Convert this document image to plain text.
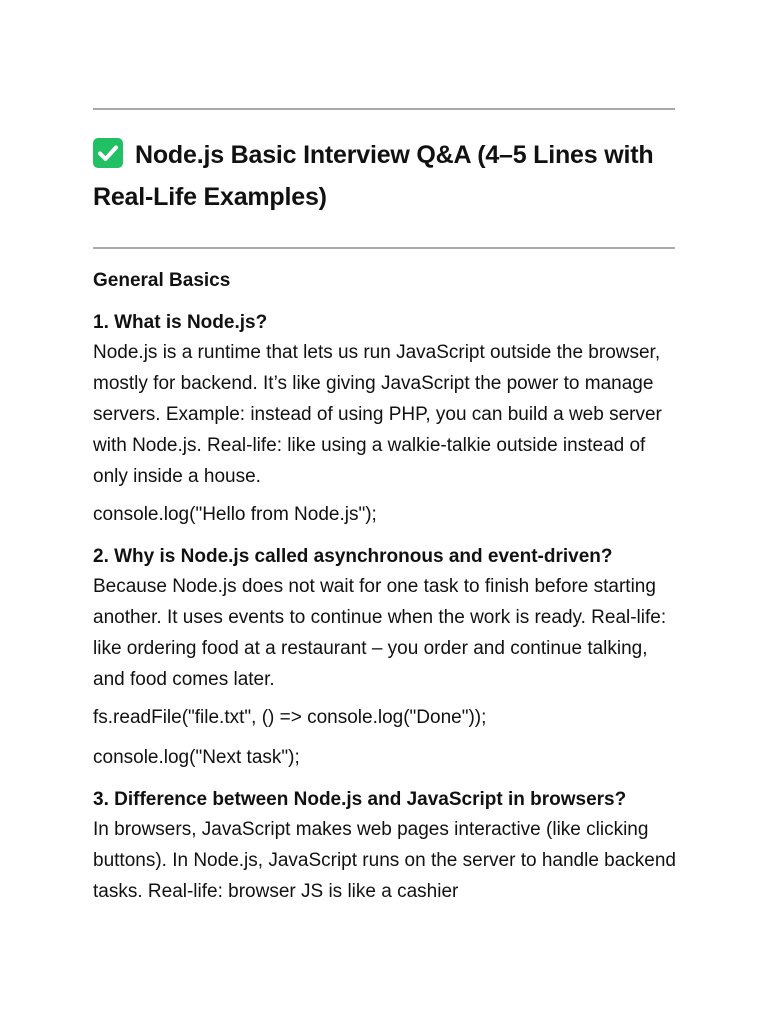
Node.js Basic Interview Q&A (4–5 Lines with Real-Life Examples)
General Basics
1. What is Node.js?
Node.js is a runtime that lets us run JavaScript outside the browser, mostly for backend. It’s like giving JavaScript the power to manage servers. Example: instead of using PHP, you can build a web server with Node.js. Real-life: like using a walkie-talkie outside instead of only inside a house.
console.log("Hello from Node.js");
2. Why is Node.js called asynchronous and event-driven?
Because Node.js does not wait for one task to finish before starting another. It uses events to continue when the work is ready. Real-life: like ordering food at a restaurant – you order and continue talking, and food comes later.
fs.readFile("file.txt", () => console.log("Done"));
console.log("Next task");
3. Difference between Node.js and JavaScript in browsers?
In browsers, JavaScript makes web pages interactive (like clicking buttons). In Node.js, JavaScript runs on the server to handle backend tasks. Real-life: browser JS is like a cashier
